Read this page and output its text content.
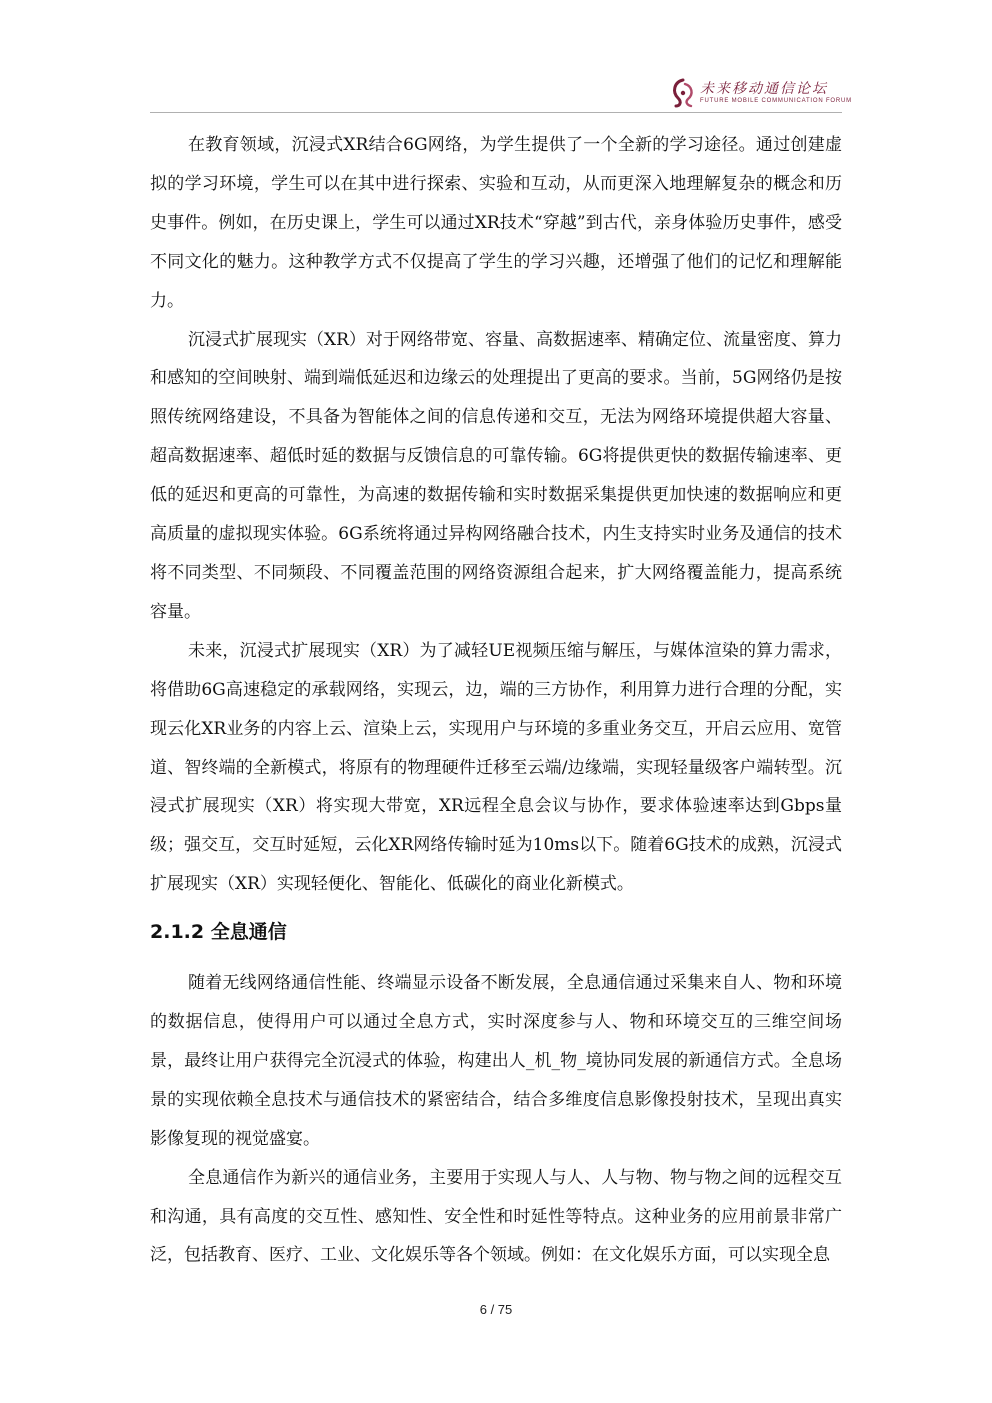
未来移动通信论坛
FUTURE MOBILE COMMUNICATION FORUM

在教育领域，沉浸式XR结合6G网络，为学生提供了一个全新的学习途径。通过创建虚拟的学习环境，学生可以在其中进行探索、实验和互动，从而更深入地理解复杂的概念和历史事件。例如，在历史课上，学生可以通过XR技术“穿越”到古代，亲身体验历史事件，感受不同文化的魅力。这种教学方式不仅提高了学生的学习兴趣，还增强了他们的记忆和理解能力。

沉浸式扩展现实（XR）对于网络带宽、容量、高数据速率、精确定位、流量密度、算力和感知的空间映射、端到端低延迟和边缘云的处理提出了更高的要求。当前，5G网络仍是按照传统网络建设，不具备为智能体之间的信息传递和交互，无法为网络环境提供超大容量、超高数据速率、超低时延的数据与反馈信息的可靠传输。6G将提供更快的数据传输速率、更低的延迟和更高的可靠性，为高速的数据传输和实时数据采集提供更加快速的数据响应和更高质量的虚拟现实体验。6G系统将通过异构网络融合技术，内生支持实时业务及通信的技术将不同类型、不同频段、不同覆盖范围的网络资源组合起来，扩大网络覆盖能力，提高系统容量。

未来，沉浸式扩展现实（XR）为了减轻UE视频压缩与解压，与媒体渲染的算力需求，将借助6G高速稳定的承载网络，实现云，边，端的三方协作，利用算力进行合理的分配，实现云化XR业务的内容上云、渲染上云，实现用户与环境的多重业务交互，开启云应用、宽管道、智终端的全新模式，将原有的物理硬件迁移至云端/边缘端，实现轻量级客户端转型。沉浸式扩展现实（XR）将实现大带宽，XR远程全息会议与协作，要求体验速率达到Gbps量级；强交互，交互时延短，云化XR网络传输时延为10ms以下。随着6G技术的成熟，沉浸式扩展现实（XR）实现轻便化、智能化、低碳化的商业化新模式。

2.1.2 全息通信

随着无线网络通信性能、终端显示设备不断发展，全息通信通过采集来自人、物和环境的数据信息，使得用户可以通过全息方式，实时深度参与人、物和环境交互的三维空间场景，最终让用户获得完全沉浸式的体验，构建出人_机_物_境协同发展的新通信方式。全息场景的实现依赖全息技术与通信技术的紧密结合，结合多维度信息影像投射技术，呈现出真实影像复现的视觉盛宴。

全息通信作为新兴的通信业务，主要用于实现人与人、人与物、物与物之间的远程交互和沟通，具有高度的交互性、感知性、安全性和时延性等特点。这种业务的应用前景非常广泛，包括教育、医疗、工业、文化娱乐等各个领域。例如：在文化娱乐方面，可以实现全息

6 / 75
